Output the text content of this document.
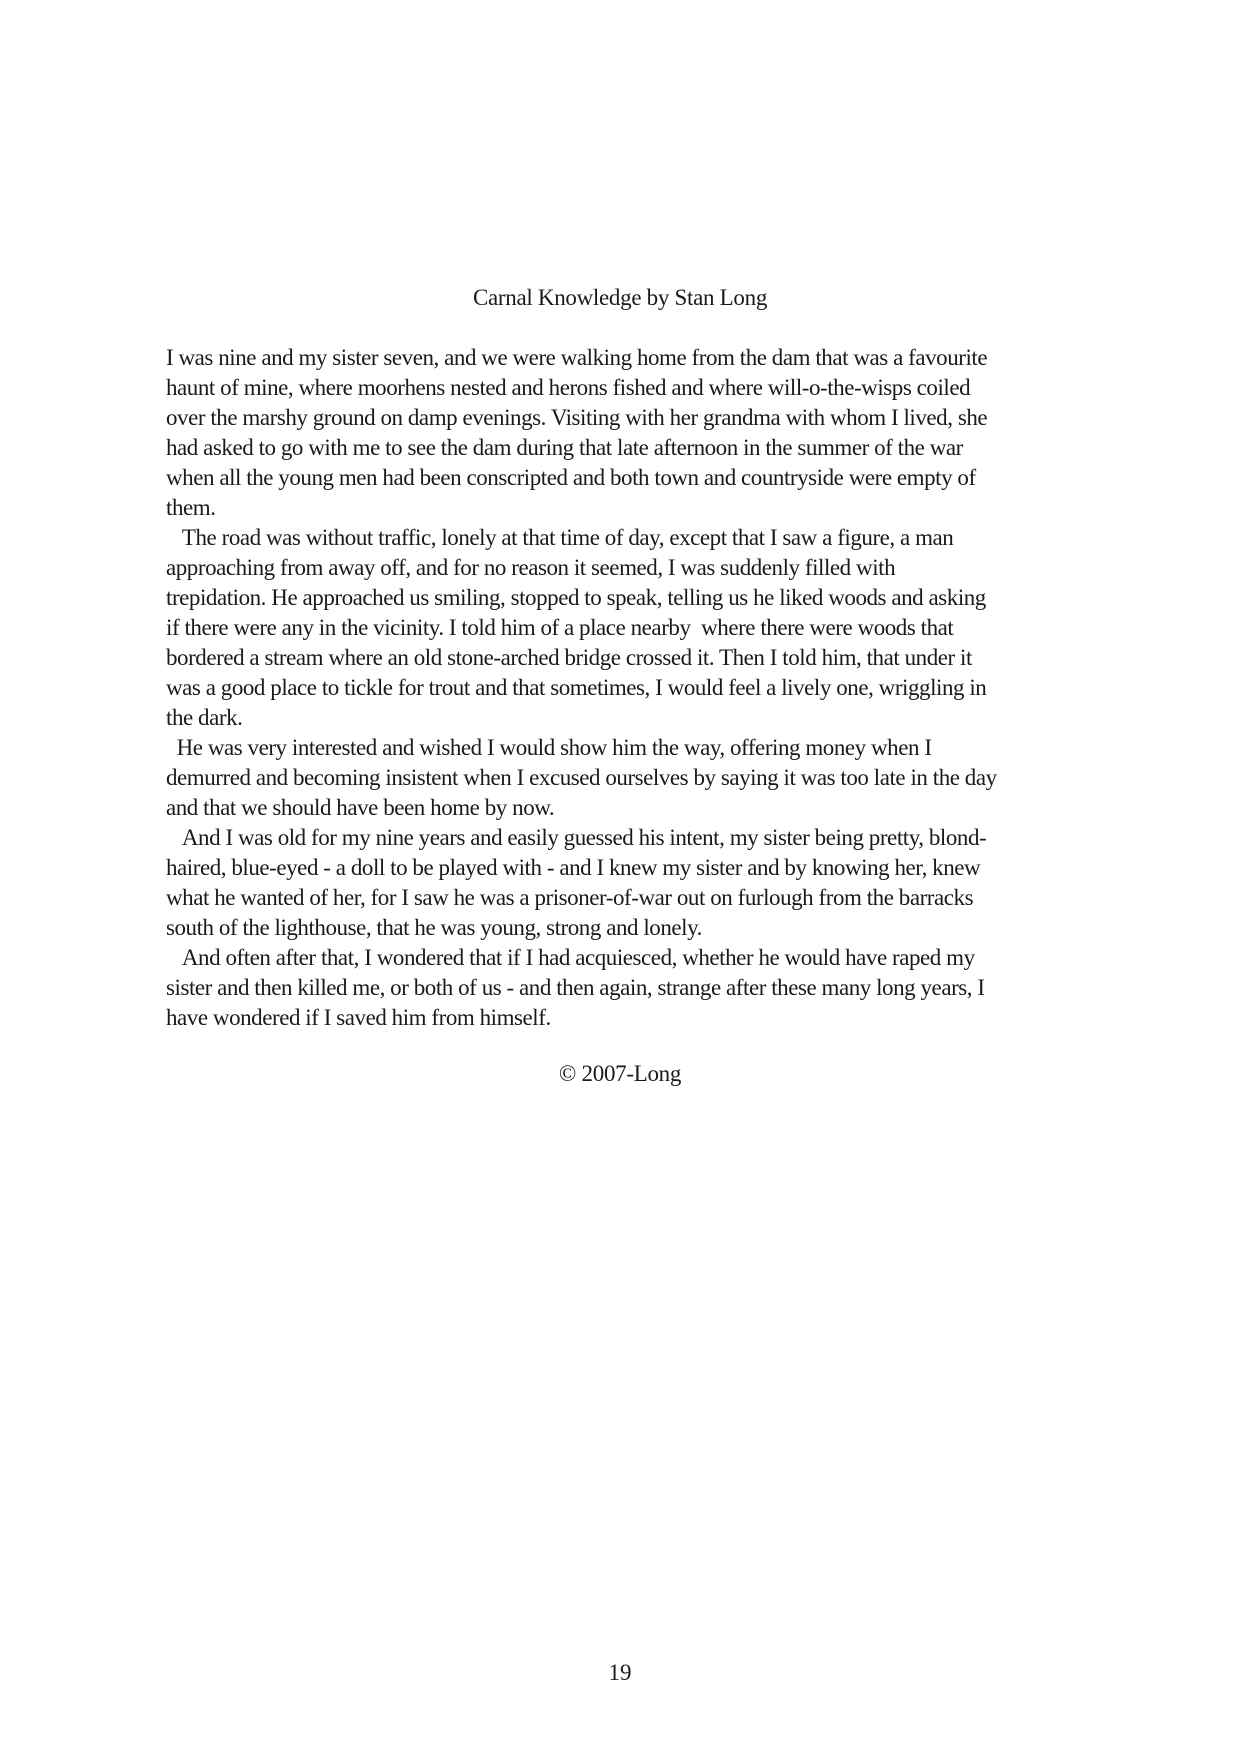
Carnal Knowledge by Stan Long
I was nine and my sister seven, and we were walking home from the dam that was a favourite
haunt of mine, where moorhens nested and herons fished and where will-o-the-wisps coiled
over the marshy ground on damp evenings. Visiting with her grandma with whom I lived, she
had asked to go with me to see the dam during that late afternoon in the summer of the war
when all the young men had been conscripted and both town and countryside were empty of
them.
The road was without traffic, lonely at that time of day, except that I saw a figure, a man
approaching from away off, and for no reason it seemed, I was suddenly filled with
trepidation. He approached us smiling, stopped to speak, telling us he liked woods and asking
if there were any in the vicinity. I told him of a place nearby  where there were woods that
bordered a stream where an old stone-arched bridge crossed it. Then I told him, that under it
was a good place to tickle for trout and that sometimes, I would feel a lively one, wriggling in
the dark.
He was very interested and wished I would show him the way, offering money when I
demurred and becoming insistent when I excused ourselves by saying it was too late in the day
and that we should have been home by now.
And I was old for my nine years and easily guessed his intent, my sister being pretty, blond-
haired, blue-eyed - a doll to be played with - and I knew my sister and by knowing her, knew
what he wanted of her, for I saw he was a prisoner-of-war out on furlough from the barracks
south of the lighthouse, that he was young, strong and lonely.
And often after that, I wondered that if I had acquiesced, whether he would have raped my
sister and then killed me, or both of us - and then again, strange after these many long years, I
have wondered if I saved him from himself.
© 2007-Long
19
